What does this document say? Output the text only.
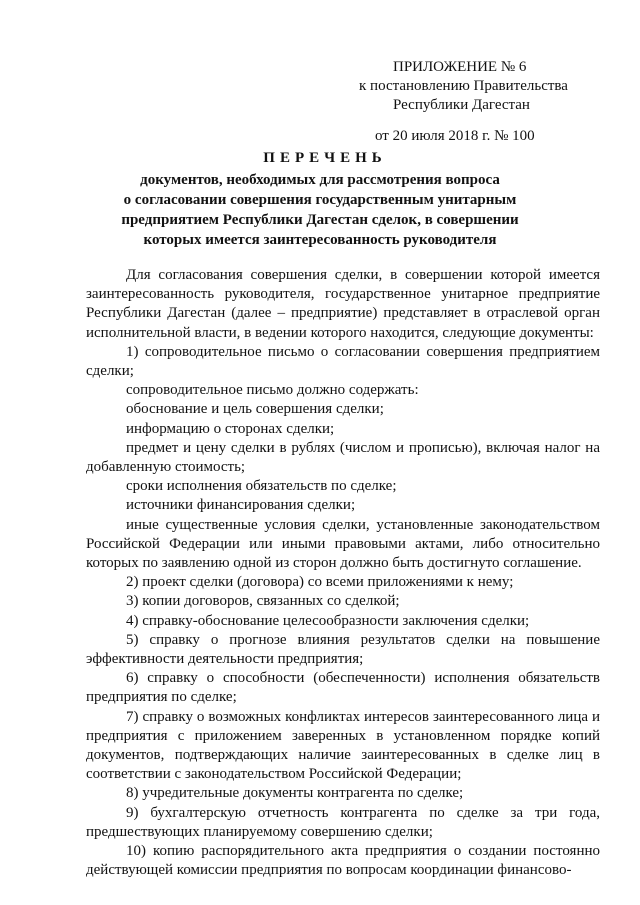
ПРИЛОЖЕНИЕ № 6
к постановлению Правительства
Республики Дагестан
от 20 июля 2018 г. № 100
ПЕРЕЧЕНЬ
документов, необходимых для рассмотрения вопроса
о согласовании совершения государственным унитарным
предприятием Республики Дагестан сделок, в совершении
которых имеется заинтересованность руководителя

Для согласования совершения сделки, в совершении которой имеется заинтересованность руководителя, государственное унитарное предприятие Республики Дагестан (далее – предприятие) представляет в отраслевой орган исполнительной власти, в ведении которого находится, следующие документы:

1) сопроводительное письмо о согласовании совершения предприятием сделки;

сопроводительное письмо должно содержать:

обоснование и цель совершения сделки;

информацию о сторонах сделки;

предмет и цену сделки в рублях (числом и прописью), включая налог на добавленную стоимость;

сроки исполнения обязательств по сделке;

источники финансирования сделки;

иные существенные условия сделки, установленные законодательством Российской Федерации или иными правовыми актами, либо относительно которых по заявлению одной из сторон должно быть достигнуто соглашение.

2) проект сделки (договора) со всеми приложениями к нему;

3) копии договоров, связанных со сделкой;

4) справку-обоснование целесообразности заключения сделки;

5) справку о прогнозе влияния результатов сделки на повышение эффективности деятельности предприятия;

6) справку о способности (обеспеченности) исполнения обязательств предприятия по сделке;

7) справку о возможных конфликтах интересов заинтересованного лица и предприятия с приложением заверенных в установленном порядке копий документов, подтверждающих наличие заинтересованных в сделке лиц в соответствии с законодательством Российской Федерации;

8) учредительные документы контрагента по сделке;

9) бухгалтерскую отчетность контрагента по сделке за три года, предшествующих планируемому совершению сделки;

10) копию распорядительного акта предприятия о создании постоянно действующей комиссии предприятия по вопросам координации финансово-
